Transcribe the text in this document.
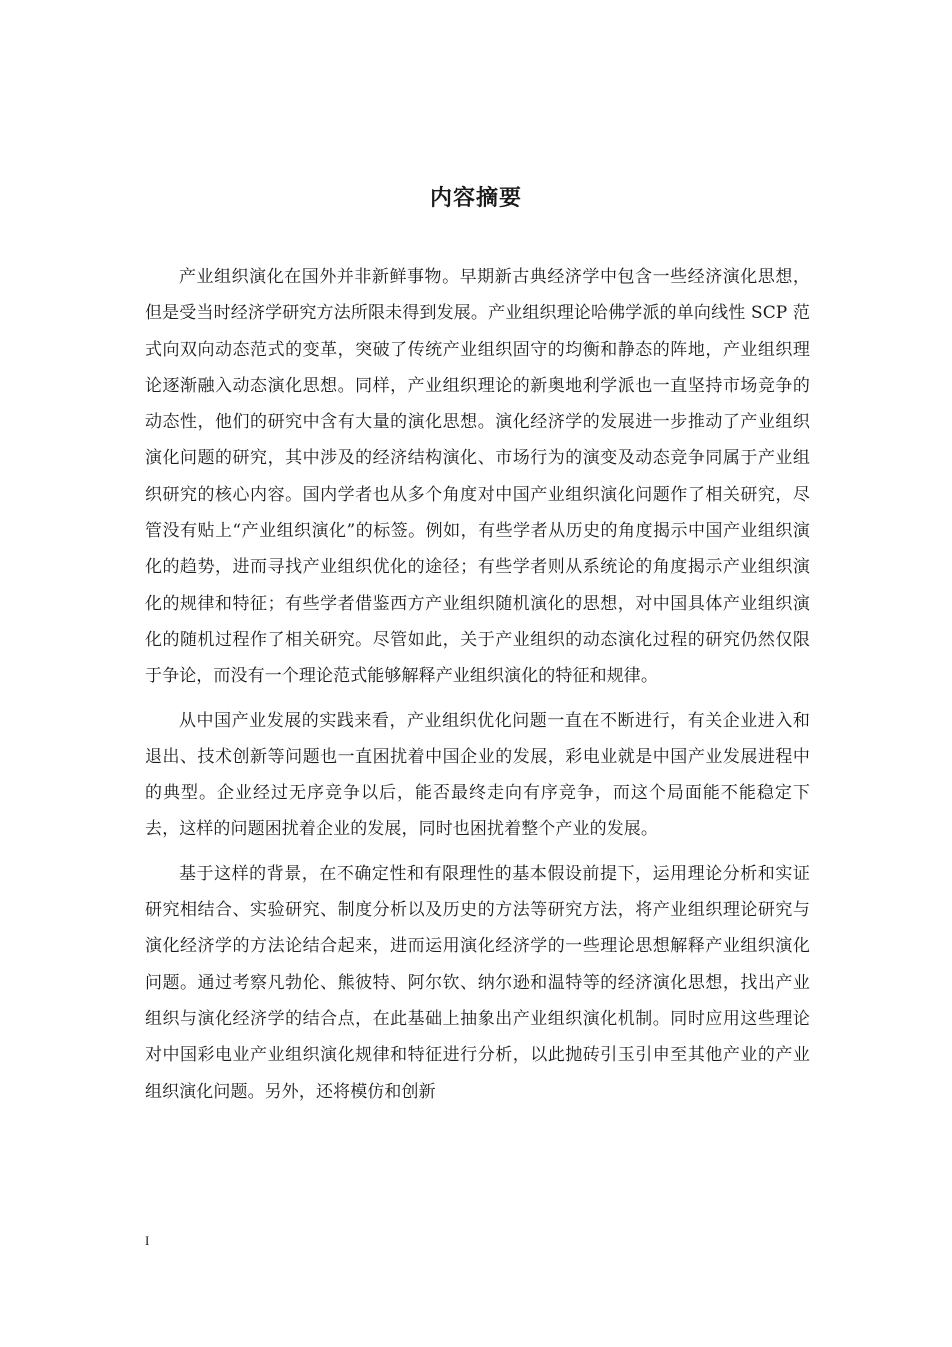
内容摘要

产业组织演化在国外并非新鲜事物。早期新古典经济学中包含一些经济演化思想，但是受当时经济学研究方法所限未得到发展。产业组织理论哈佛学派的单向线性 SCP 范式向双向动态范式的变革，突破了传统产业组织固守的均衡和静态的阵地，产业组织理论逐渐融入动态演化思想。同样，产业组织理论的新奥地利学派也一直坚持市场竞争的动态性，他们的研究中含有大量的演化思想。演化经济学的发展进一步推动了产业组织演化问题的研究，其中涉及的经济结构演化、市场行为的演变及动态竞争同属于产业组织研究的核心内容。国内学者也从多个角度对中国产业组织演化问题作了相关研究，尽管没有贴上“产业组织演化”的标签。例如，有些学者从历史的角度揭示中国产业组织演化的趋势，进而寻找产业组织优化的途径；有些学者则从系统论的角度揭示产业组织演化的规律和特征；有些学者借鉴西方产业组织随机演化的思想，对中国具体产业组织演化的随机过程作了相关研究。尽管如此，关于产业组织的动态演化过程的研究仍然仅限于争论，而没有一个理论范式能够解释产业组织演化的特征和规律。

从中国产业发展的实践来看，产业组织优化问题一直在不断进行，有关企业进入和退出、技术创新等问题也一直困扰着中国企业的发展，彩电业就是中国产业发展进程中的典型。企业经过无序竞争以后，能否最终走向有序竞争，而这个局面能不能稳定下去，这样的问题困扰着企业的发展，同时也困扰着整个产业的发展。

基于这样的背景，在不确定性和有限理性的基本假设前提下，运用理论分析和实证研究相结合、实验研究、制度分析以及历史的方法等研究方法，将产业组织理论研究与演化经济学的方法论结合起来，进而运用演化经济学的一些理论思想解释产业组织演化问题。通过考察凡勃伦、熊彼特、阿尔钦、纳尔逊和温特等的经济演化思想，找出产业组织与演化经济学的结合点，在此基础上抽象出产业组织演化机制。同时应用这些理论对中国彩电业产业组织演化规律和特征进行分析，以此抛砖引玉引申至其他产业的产业组织演化问题。另外，还将模仿和创新

I
